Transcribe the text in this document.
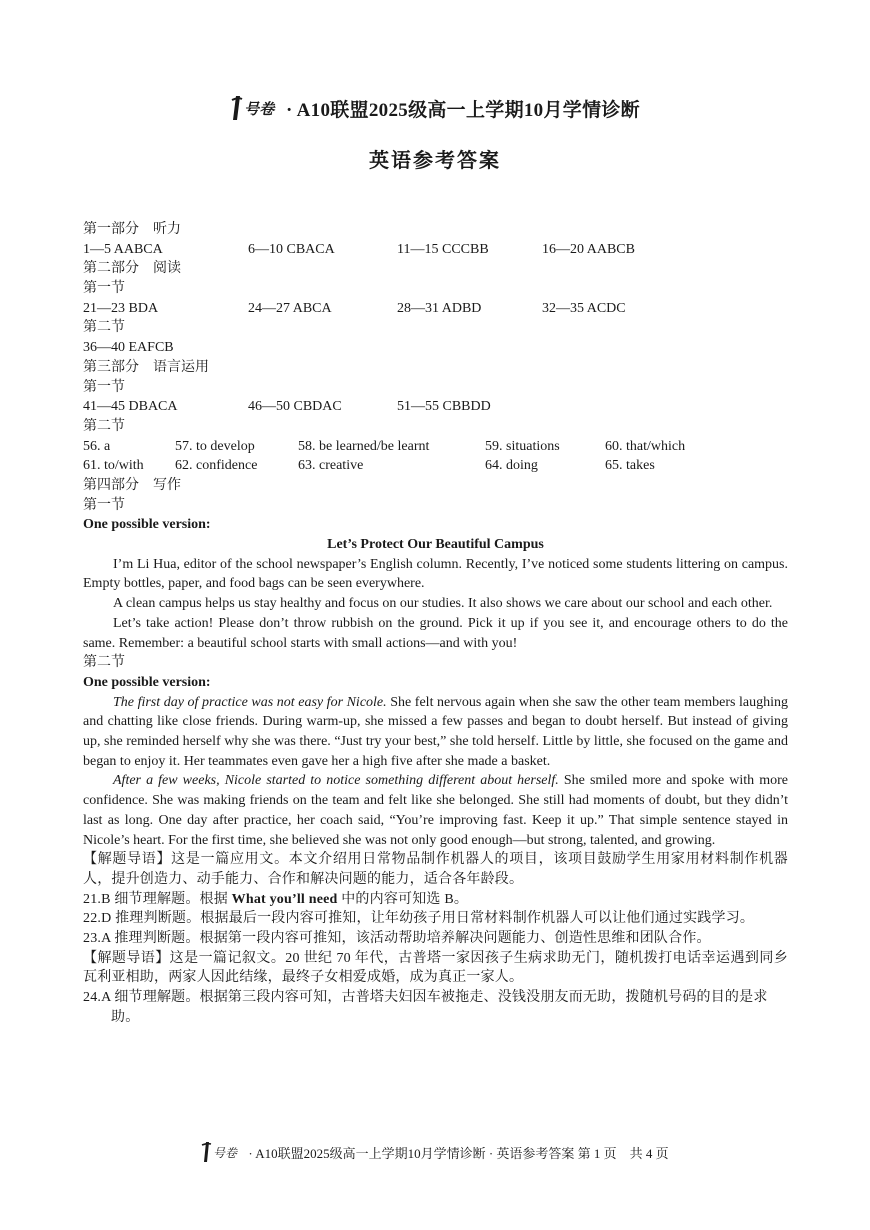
号卷 · A10联盟2025级高一上学期10月学情诊断
英语参考答案
第一部分　听力
1—5 AABCA	6—10 CBACA	11—15 CCCBB	16—20 AABCB
第二部分　阅读
第一节
21—23 BDA	24—27 ABCA	28—31 ADBD	32—35 ACDC
第二节
36—40 EAFCB
第三部分　语言运用
第一节
41—45 DBACA	46—50 CBDAC	51—55 CBBDD
第二节
56. a	57. to develop	58. be learned/be learnt	59. situations	60. that/which
61. to/with 62. confidence	63. creative	64. doing	65. takes
第四部分　写作
第一节
One possible version:
Let’s Protect Our Beautiful Campus

I’m Li Hua, editor of the school newspaper’s English column. Recently, I’ve noticed some students littering on campus. Empty bottles, paper, and food bags can be seen everywhere.

A clean campus helps us stay healthy and focus on our studies. It also shows we care about our school and each other.

Let’s take action! Please don’t throw rubbish on the ground. Pick it up if you see it, and encourage others to do the same. Remember: a beautiful school starts with small actions—and with you!

第二节
One possible version:

The first day of practice was not easy for Nicole. She felt nervous again when she saw the other team members laughing and chatting like close friends. During warm-up, she missed a few passes and began to doubt herself. But instead of giving up, she reminded herself why she was there. “Just try your best,” she told herself. Little by little, she focused on the game and began to enjoy it. Her teammates even gave her a high five after she made a basket.

After a few weeks, Nicole started to notice something different about herself. She smiled more and spoke with more confidence. She was making friends on the team and felt like she belonged. She still had moments of doubt, but they didn’t last as long. One day after practice, her coach said, “You’re improving fast. Keep it up.” That simple sentence stayed in Nicole’s heart. For the first time, she believed she was not only good enough—but strong, talented, and growing.

【解题导语】这是一篇应用文。本文介绍用日常物品制作机器人的项目，该项目鼓励学生用家用材料制作机器人，提升创造力、动手能力、合作和解决问题的能力，适合各年龄段。

21.B 细节理解题。根据 What you’ll need 中的内容可知选 B。

22.D 推理判断题。根据最后一段内容可推知，让年幼孩子用日常材料制作机器人可以让他们通过实践学习。

23.A 推理判断题。根据第一段内容可推知，该活动帮助培养解决问题能力、创造性思维和团队合作。

【解题导语】这是一篇记叙文。20 世纪 70 年代，古普塔一家因孩子生病求助无门，随机拨打电话幸运遇到同乡瓦利亚相助，两家人因此结缘，最终子女相爱成婚，成为真正一家人。

24.A 细节理解题。根据第三段内容可知，古普塔夫妇因车被拖走、没钱没朋友而无助，拨随机号码的目的是求助。

号卷 · A10联盟2025级高一上学期10月学情诊断 · 英语参考答案 第 1 页　共 4 页
